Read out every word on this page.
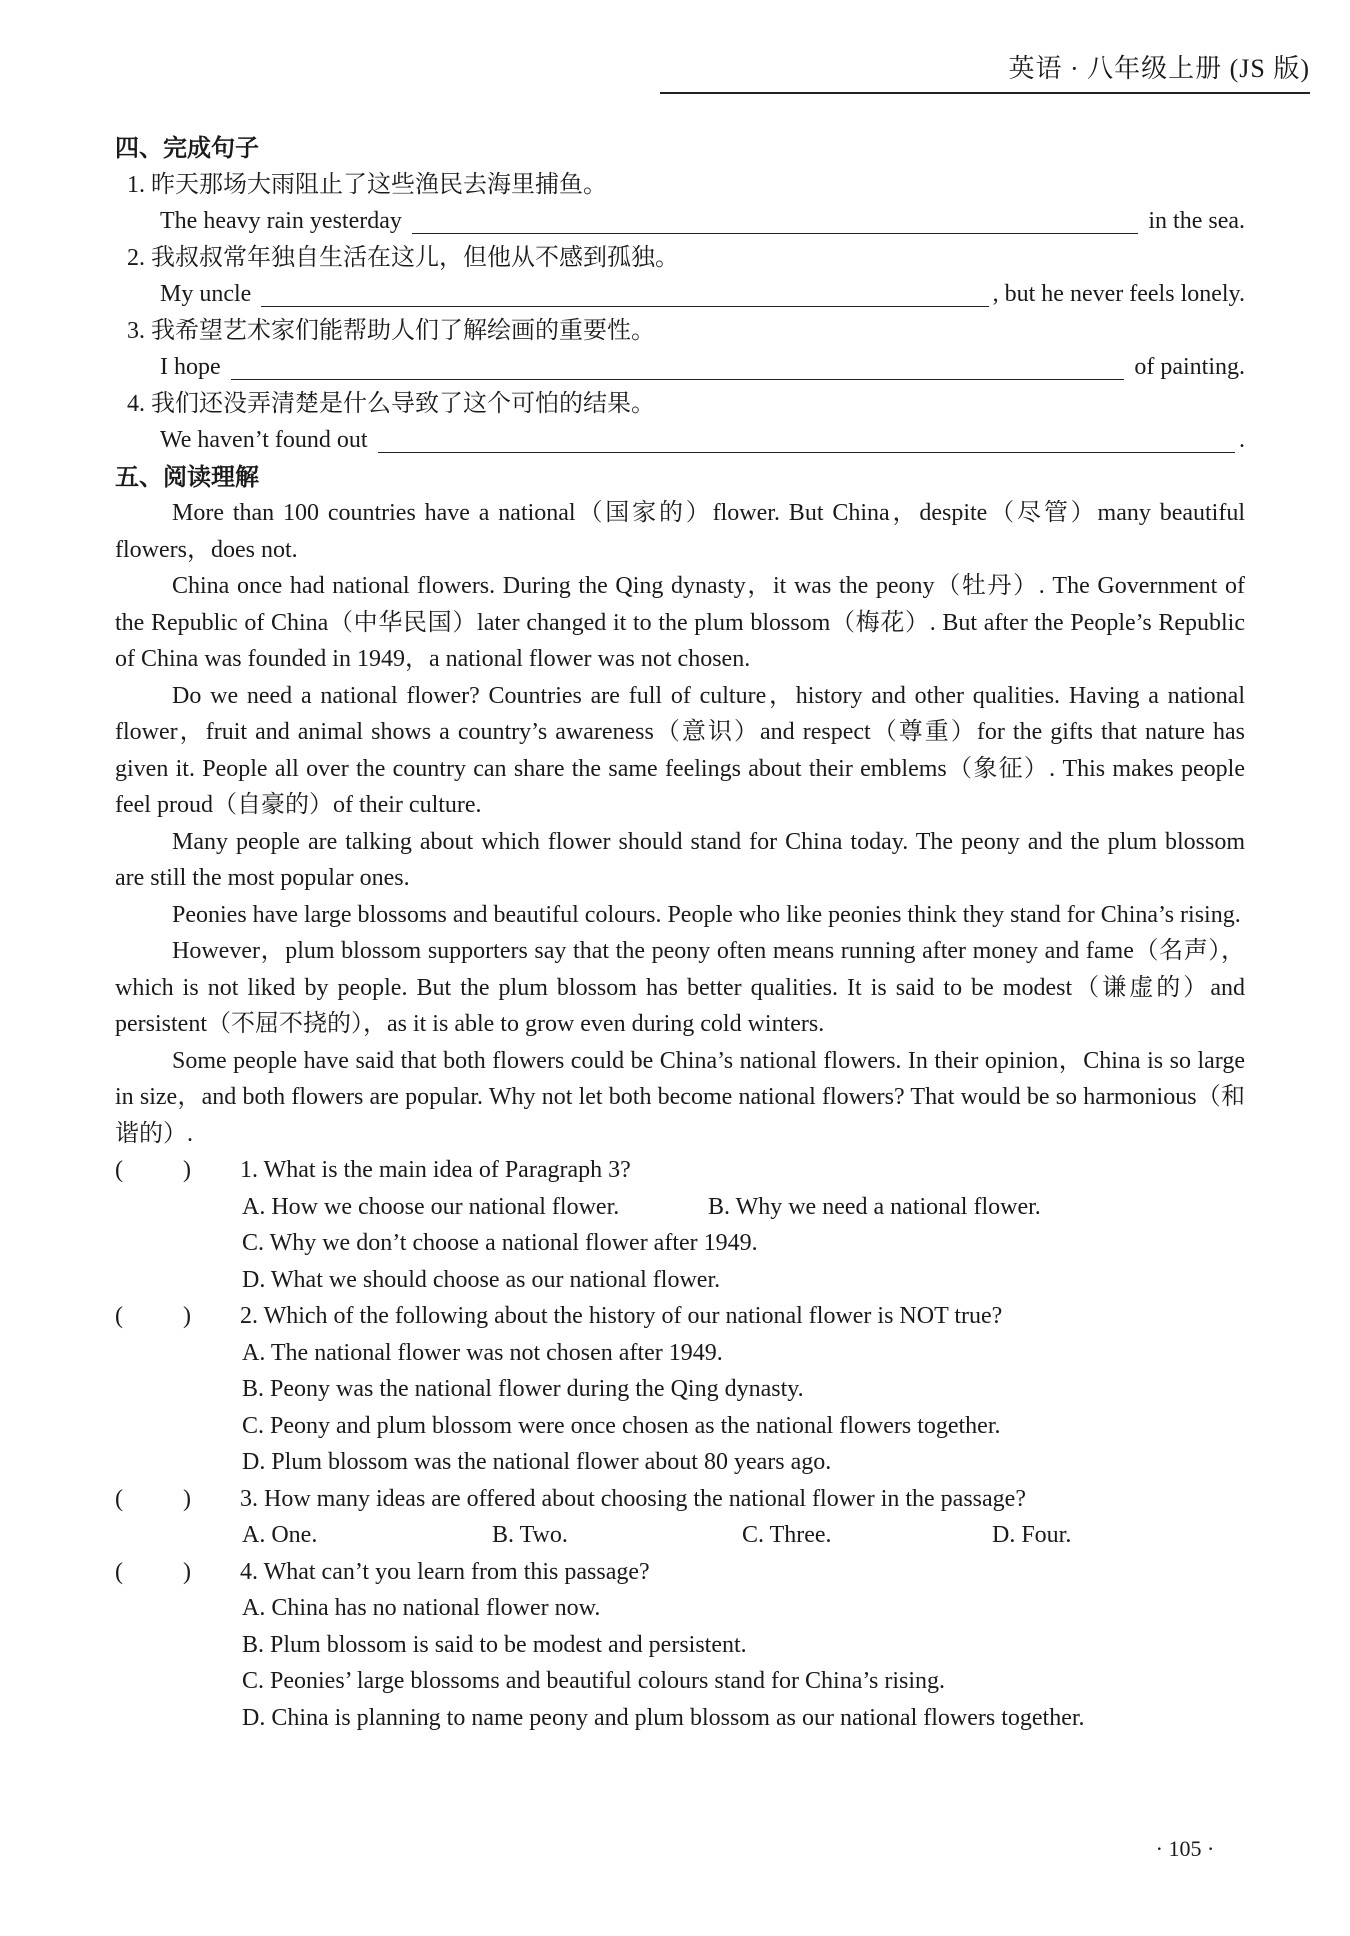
英语 · 八年级上册 (JS 版)
四、完成句子
1. 昨天那场大雨阻止了这些渔民去海里捕鱼。
The heavy rain yesterday	in the sea.
2. 我叔叔常年独自生活在这儿，但他从不感到孤独。
My uncle	, but he never feels lonely.
3. 我希望艺术家们能帮助人们了解绘画的重要性。
I hope	of painting.
4. 我们还没弄清楚是什么导致了这个可怕的结果。
We haven’t found out	.
五、阅读理解
More than 100 countries have a national（国家的）flower. But China，despite（尽管）many beautiful flowers，does not.
China once had national flowers. During the Qing dynasty，it was the peony（牡丹）. The Government of the Republic of China（中华民国）later changed it to the plum blossom（梅花）. But after the People’s Republic of China was founded in 1949，a national flower was not chosen.
Do we need a national flower? Countries are full of culture，history and other qualities. Having a national flower，fruit and animal shows a country’s awareness（意识）and respect（尊重）for the gifts that nature has given it. People all over the country can share the same feelings about their emblems（象征）. This makes people feel proud（自豪的）of their culture.
Many people are talking about which flower should stand for China today. The peony and the plum blossom are still the most popular ones.
Peonies have large blossoms and beautiful colours. People who like peonies think they stand for China’s rising.
However，plum blossom supporters say that the peony often means running after money and fame（名声），which is not liked by people. But the plum blossom has better qualities. It is said to be modest（谦虚的）and persistent（不屈不挠的），as it is able to grow even during cold winters.
Some people have said that both flowers could be China’s national flowers. In their opinion，China is so large in size，and both flowers are popular. Why not let both become national flowers? That would be so harmonious（和谐的）.
(	)	1. What is the main idea of Paragraph 3?
A. How we choose our national flower.	B. Why we need a national flower.
C. Why we don’t choose a national flower after 1949.
D. What we should choose as our national flower.
(	)	2. Which of the following about the history of our national flower is NOT true?
A. The national flower was not chosen after 1949.
B. Peony was the national flower during the Qing dynasty.
C. Peony and plum blossom were once chosen as the national flowers together.
D. Plum blossom was the national flower about 80 years ago.
(	)	3. How many ideas are offered about choosing the national flower in the passage?
A. One.	B. Two.	C. Three.	D. Four.
(	)	4. What can’t you learn from this passage?
A. China has no national flower now.
B. Plum blossom is said to be modest and persistent.
C. Peonies’ large blossoms and beautiful colours stand for China’s rising.
D. China is planning to name peony and plum blossom as our national flowers together.
· 105 ·
